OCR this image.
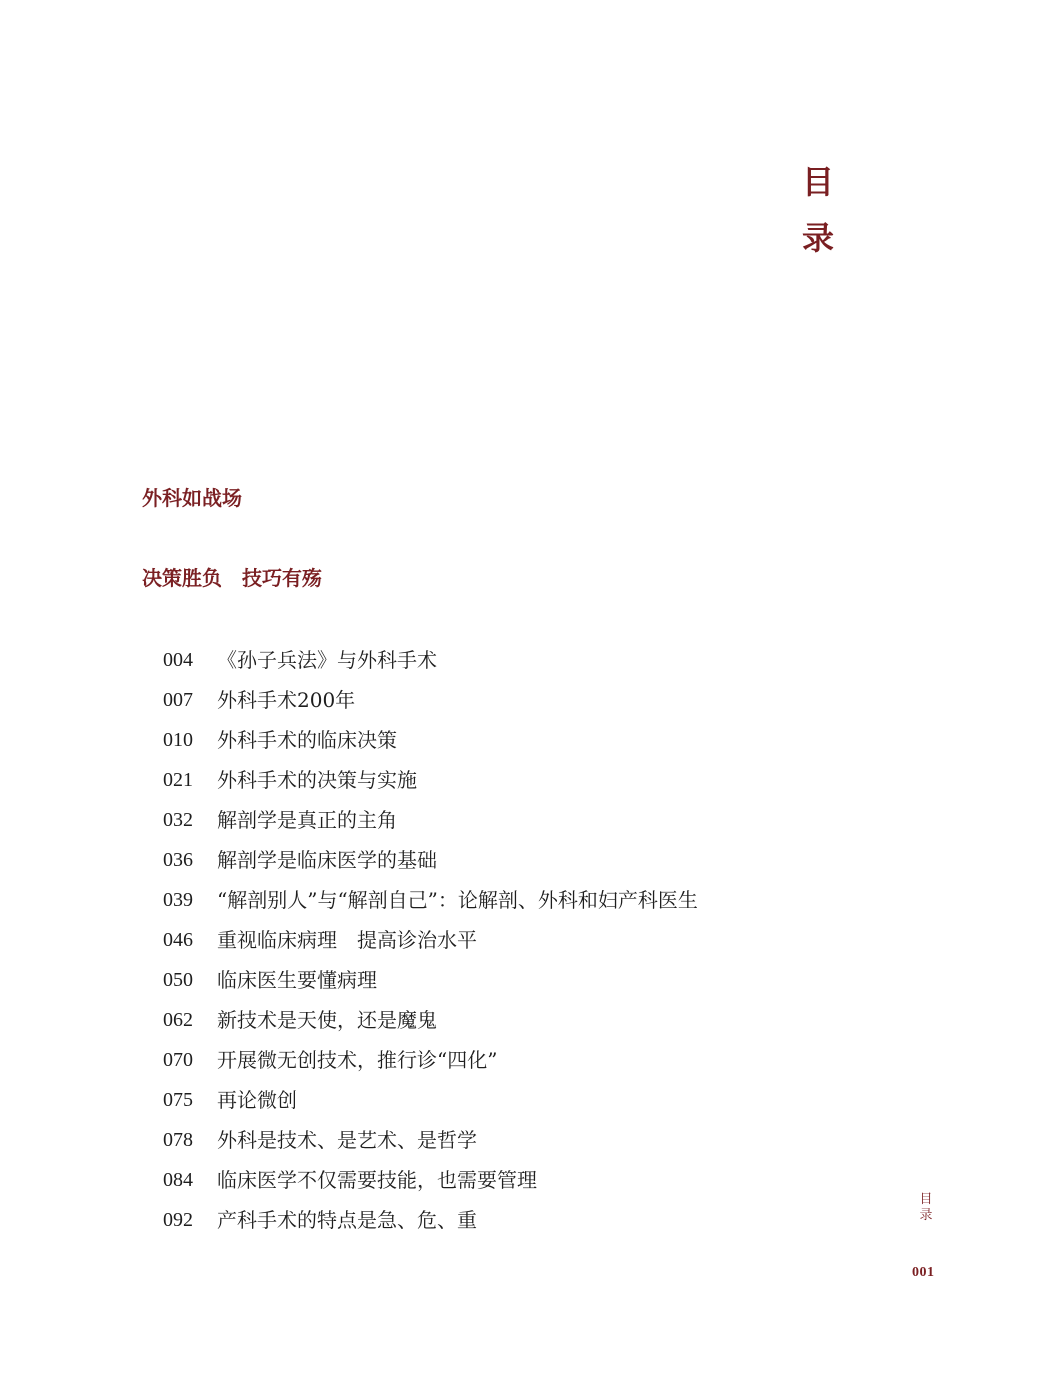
目
录
外科如战场
决策胜负　技巧有殇
004	《孙子兵法》与外科手术
007	外科手术200年
010	外科手术的临床决策
021	外科手术的决策与实施
032	解剖学是真正的主角
036	解剖学是临床医学的基础
039	“解剖别人”与“解剖自己”：论解剖、外科和妇产科医生
046	重视临床病理　提高诊治水平
050	临床医生要懂病理
062	新技术是天使，还是魔鬼
070	开展微无创技术，推行诊“四化”
075	再论微创
078	外科是技术、是艺术、是哲学
084	临床医学不仅需要技能，也需要管理
092	产科手术的特点是急、危、重
目
录
001
